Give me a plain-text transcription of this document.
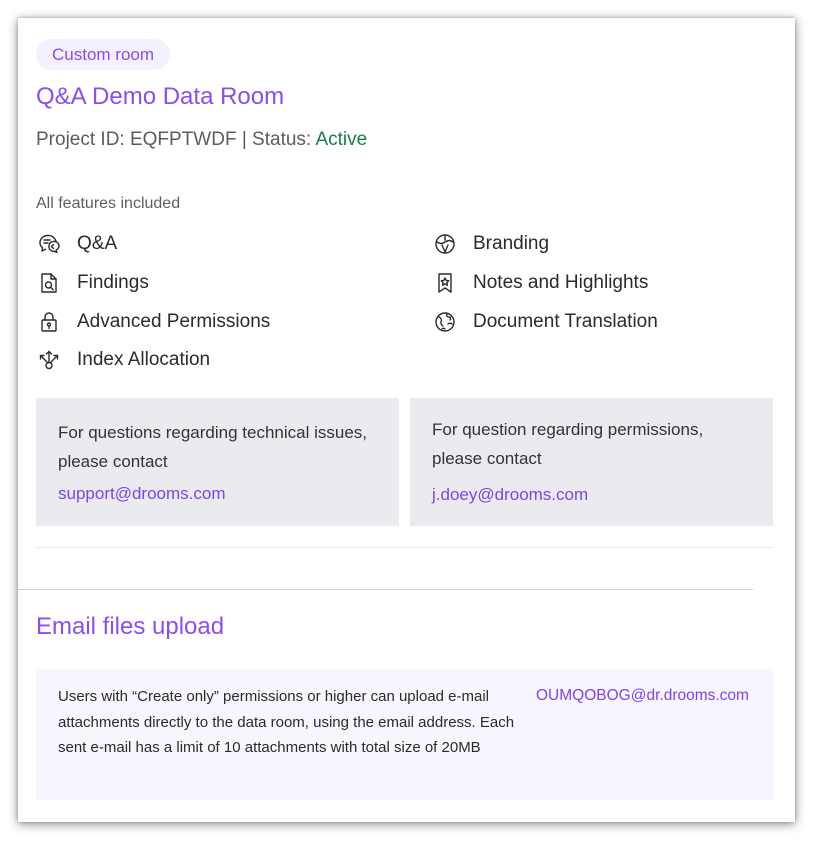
Custom room
Q&A Demo Data Room
Project ID: EQFPTWDF | Status: Active
All features included
Q&A	Branding
Findings	Notes and Highlights
Advanced Permissions	Document Translation
Index Allocation
For questions regarding technical issues, please contact
support@drooms.com
For question regarding permissions, please contact
j.doey@drooms.com
Email files upload
Users with “Create only” permissions or higher can upload e-mail attachments directly to the data room, using the email address. Each sent e-mail has a limit of 10 attachments with total size of 20MB
OUMQOBOG@dr.drooms.com
